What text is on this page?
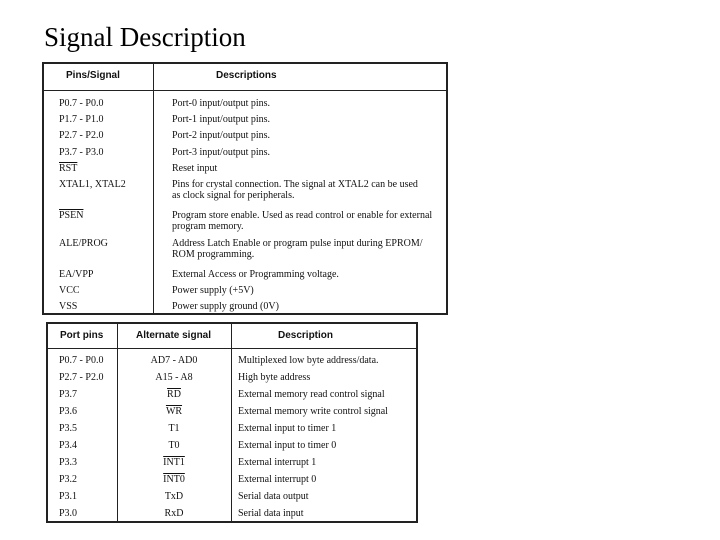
Signal Description
Pins/Signal	Descriptions
P0.7 - P0.0	Port-0 input/output pins.
P1.7 - P1.0	Port-1 input/output pins.
P2.7 - P2.0	Port-2 input/output pins.
P3.7 - P3.0	Port-3 input/output pins.
$\overline{RST}$	Reset input
XTAL1, XTAL2	Pins for crystal connection. The signal at XTAL2 can be used
as clock signal for peripherals.
PSEN	Program store enable. Used as read control or enable for external
program memory.
ALE/PROG	Address Latch Enable or program pulse input during EPROM/
ROM programming.
EA/VPP	External Access or Programming voltage.
VCC	Power supply (+5V)
VSS	Power supply ground (0V)
Port pins	Alternate signal	Description
P0.7 - P0.0	AD7 - AD0	Multiplexed low byte address/data.
P2.7 - P2.0	A15 - A8	High byte address
P3.7	$\overline{RD}$	External memory read control signal
P3.6	$\overline{WR}$	External memory write control signal
P3.5	T1	External input to timer 1
P3.4	T0	External input to timer 0
P3.3	INT1	External interrupt 1
P3.2	INT0	External interrupt 0
P3.1	TxD	Serial data output
P3.0	RxD	Serial data input
